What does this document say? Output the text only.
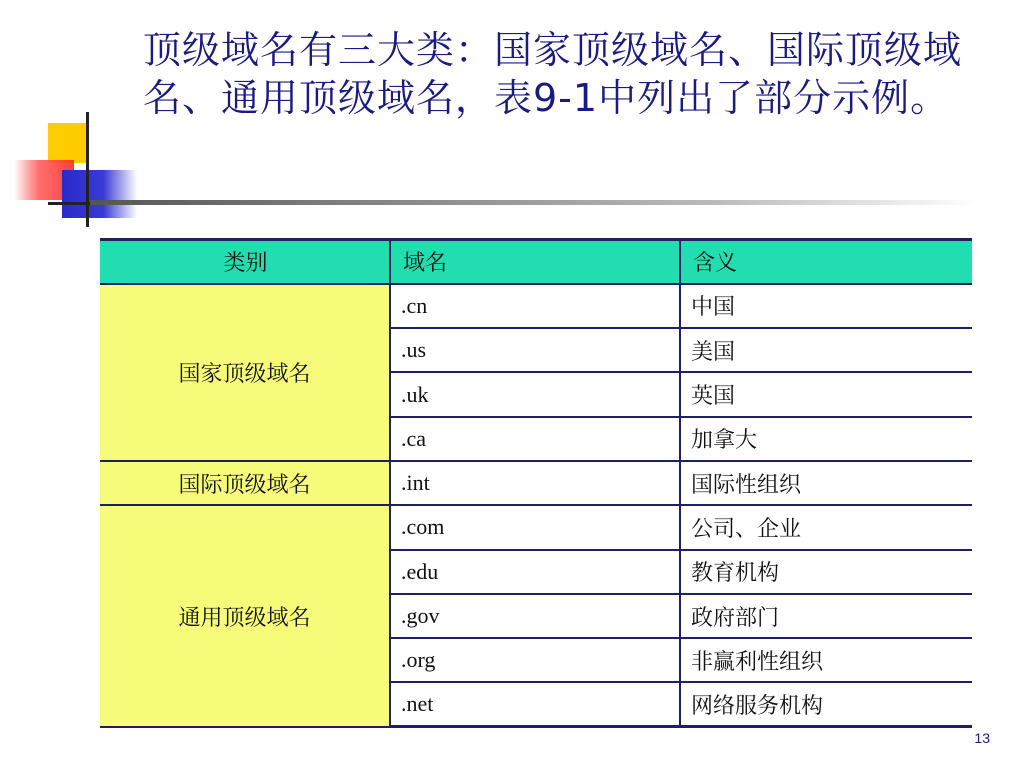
顶级域名有三大类：国家顶级域名、国际顶级域名、通用顶级域名，表9-1中列出了部分示例。
类别	域名	含义
国家顶级域名	.cn	中国
	.us	美国
	.uk	英国
	.ca	加拿大
国际顶级域名	.int	国际性组织
通用顶级域名	.com	公司、企业
	.edu	教育机构
	.gov	政府部门
	.org	非赢利性组织
	.net	网络服务机构
13
